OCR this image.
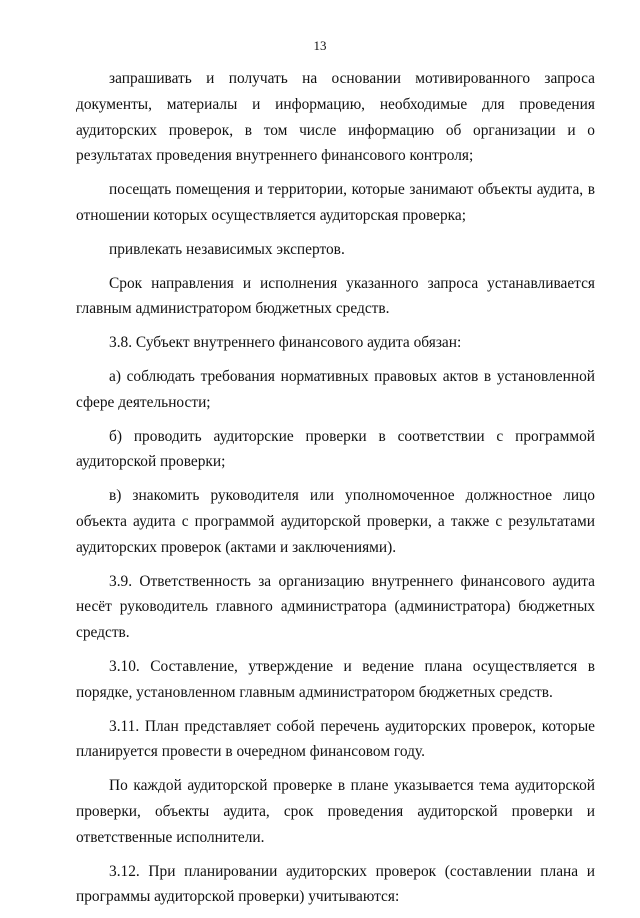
13

запрашивать и получать на основании мотивированного запроса документы, материалы и информацию, необходимые для проведения аудиторских проверок, в том числе информацию об организации и о результатах проведения внутреннего финансового контроля;

посещать помещения и территории, которые занимают объекты аудита, в отношении которых осуществляется аудиторская проверка;

привлекать независимых экспертов.

Срок направления и исполнения указанного запроса устанавливается главным администратором бюджетных средств.

3.8. Субъект внутреннего финансового аудита обязан:

а) соблюдать требования нормативных правовых актов в установленной сфере деятельности;

б) проводить аудиторские проверки в соответствии с программой аудиторской проверки;

в) знакомить руководителя или уполномоченное должностное лицо объекта аудита с программой аудиторской проверки, а также с результатами аудиторских проверок (актами и заключениями).

3.9. Ответственность за организацию внутреннего финансового аудита несёт руководитель главного администратора (администратора) бюджетных средств.

3.10. Составление, утверждение и ведение плана осуществляется в порядке, установленном главным администратором бюджетных средств.

3.11. План представляет собой перечень аудиторских проверок, которые планируется провести в очередном финансовом году.

По каждой аудиторской проверке в плане указывается тема аудиторской проверки, объекты аудита, срок проведения аудиторской проверки и ответственные исполнители.

3.12. При планировании аудиторских проверок (составлении плана и программы аудиторской проверки) учитываются:
